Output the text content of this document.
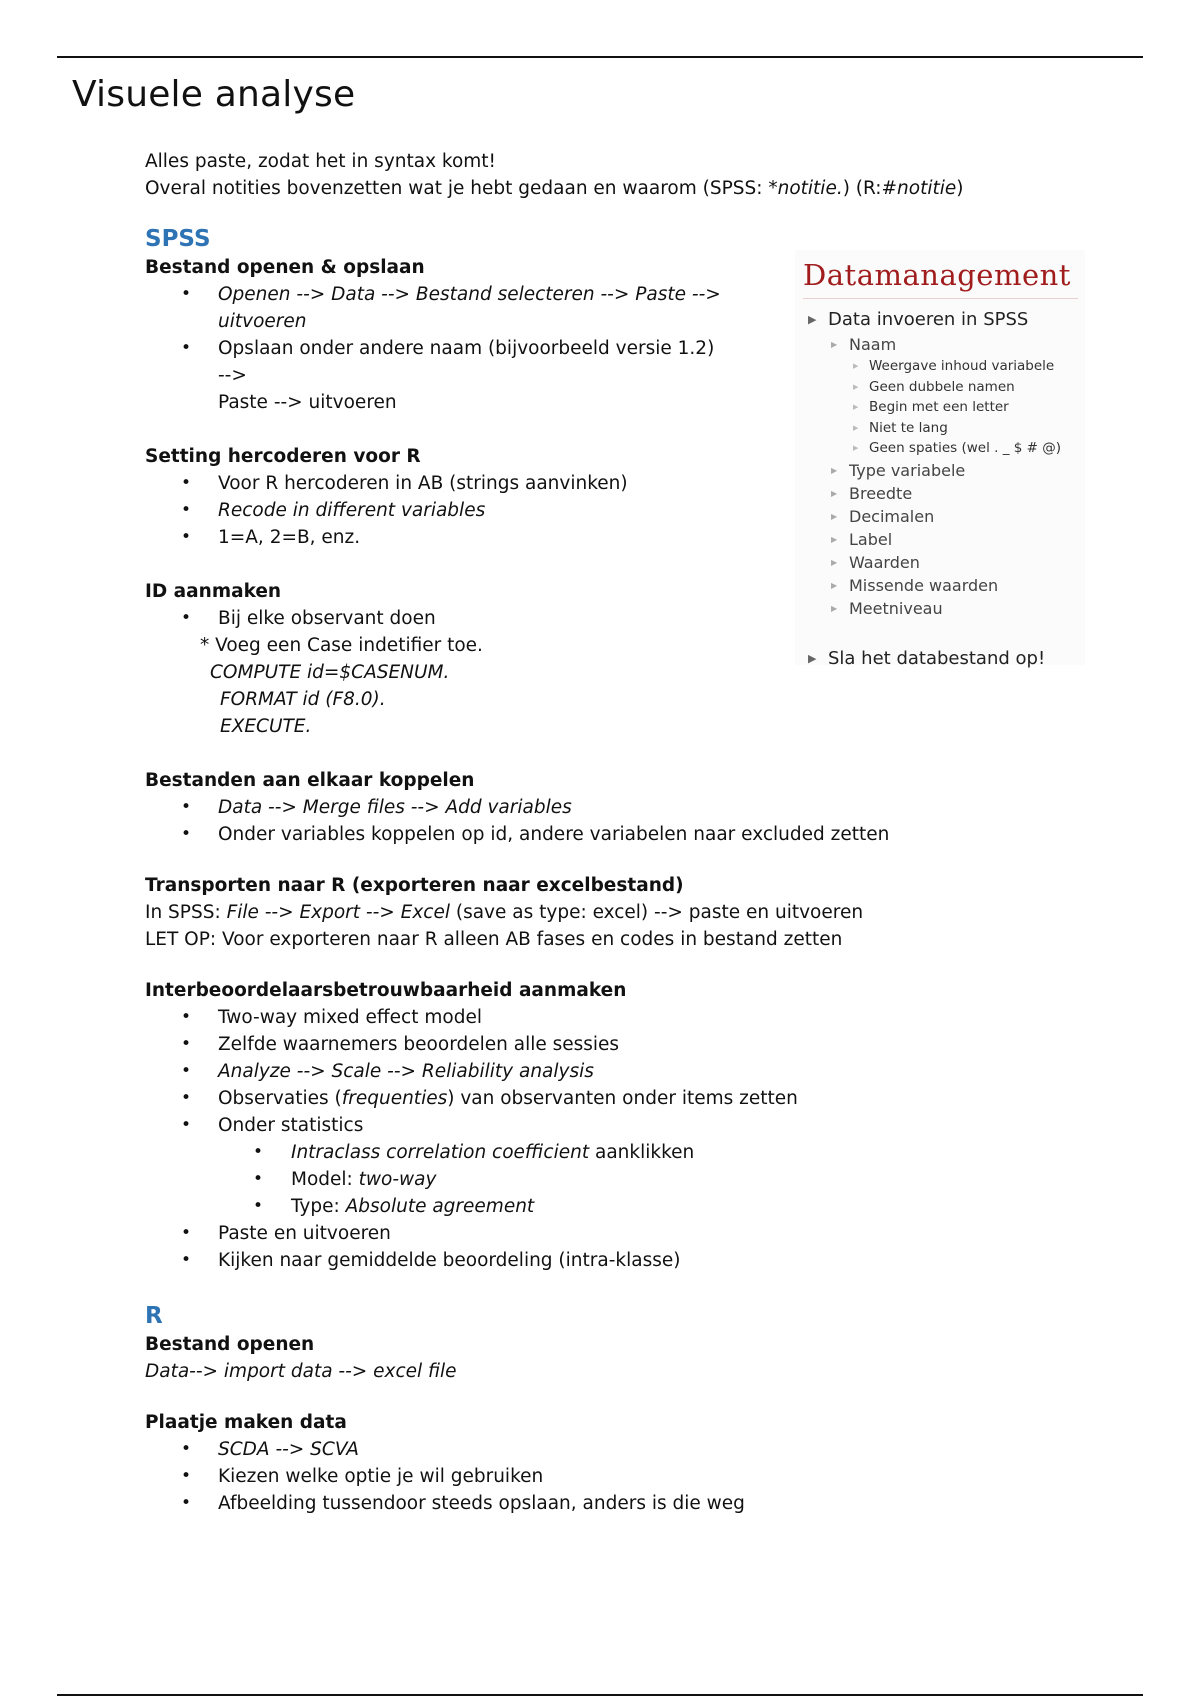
Visuele analyse

Alles paste, zodat het in syntax komt!

Overal notities bovenzetten wat je hebt gedaan en waarom (SPSS: *notitie.) (R:#notitie)

SPSS

Bestand openen & opslaan

• Openen --> Data --> Bestand selecteren --> Paste -->
uitvoeren
• Opslaan onder andere naam (bijvoorbeeld versie 1.2) -->
Paste --> uitvoeren

Setting hercoderen voor R

• Voor R hercoderen in AB (strings aanvinken)
• Recode in different variables
• 1=A, 2=B, enz.

ID aanmaken

• Bij elke observant doen

* Voeg een Case indetifier toe.

COMPUTE id=$CASENUM.

FORMAT id (F8.0).

EXECUTE.

Bestanden aan elkaar koppelen

• Data --> Merge files --> Add variables
• Onder variables koppelen op id, andere variabelen naar excluded zetten

Transporten naar R (exporteren naar excelbestand)

In SPSS: File --> Export --> Excel (save as type: excel) --> paste en uitvoeren

LET OP: Voor exporteren naar R alleen AB fases en codes in bestand zetten

Interbeoordelaarsbetrouwbaarheid aanmaken

• Two-way mixed effect model
• Zelfde waarnemers beoordelen alle sessies
• Analyze --> Scale --> Reliability analysis
• Observaties (frequenties) van observanten onder items zetten
• Onder statistics
• Intraclass correlation coefficient aanklikken
• Model: two-way
• Type: Absolute agreement
• Paste en uitvoeren
• Kijken naar gemiddelde beoordeling (intra-klasse)
R

Bestand openen

Data--> import data --> excel file

Plaatje maken data

• SCDA --> SCVA
• Kiezen welke optie je wil gebruiken
• Afbeelding tussendoor steeds opslaan, anders is die weg

Datamanagement

▶ Data invoeren in SPSS
▶ Naam
▶ Weergave inhoud variabele
▶ Geen dubbele namen
▶ Begin met een letter
▶ Niet te lang
▶ Geen spaties (wel . _ $ # @)
▶ Type variabele
▶ Breedte
▶ Decimalen
▶ Label
▶ Waarden
▶ Missende waarden
▶ Meetniveau
▶ Sla het databestand op!
